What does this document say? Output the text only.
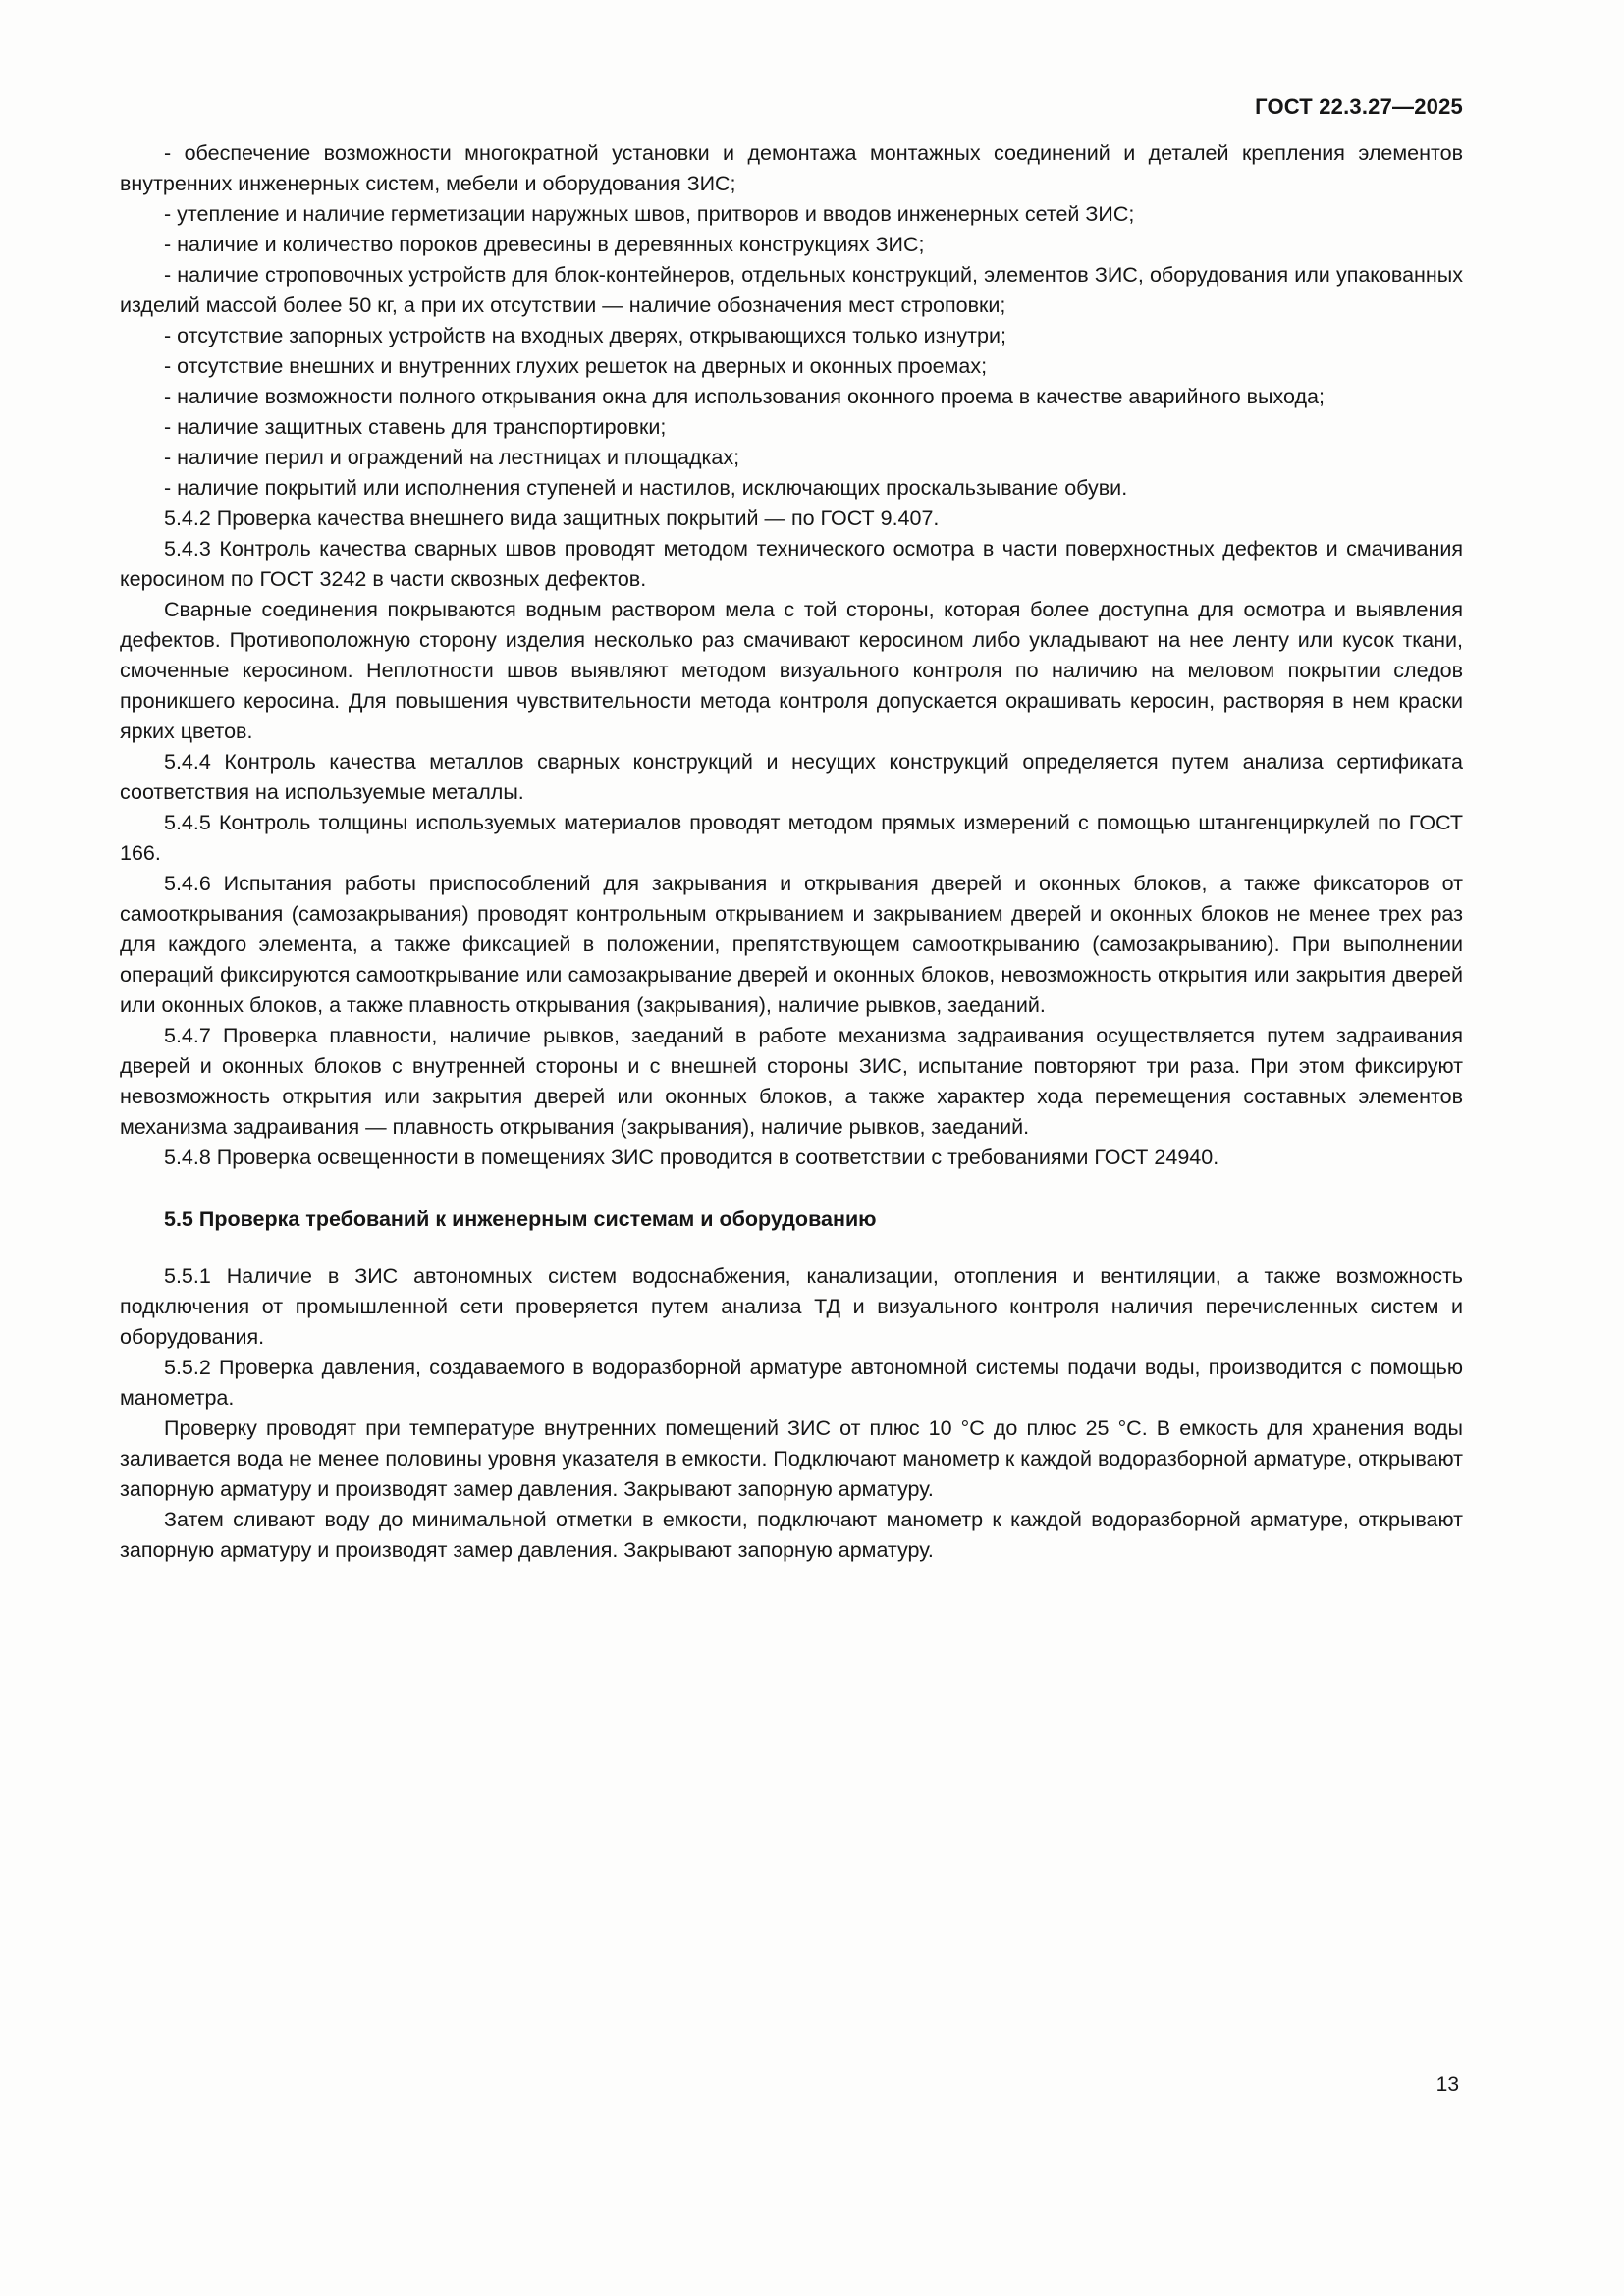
ГОСТ 22.3.27—2025

- обеспечение возможности многократной установки и демонтажа монтажных соединений и деталей крепления элементов внутренних инженерных систем, мебели и оборудования ЗИС;

- утепление и наличие герметизации наружных швов, притворов и вводов инженерных сетей ЗИС;

- наличие и количество пороков древесины в деревянных конструкциях ЗИС;

- наличие строповочных устройств для блок-контейнеров, отдельных конструкций, элементов ЗИС, оборудования или упакованных изделий массой более 50 кг, а при их отсутствии — наличие обозначения мест строповки;

- отсутствие запорных устройств на входных дверях, открывающихся только изнутри;

- отсутствие внешних и внутренних глухих решеток на дверных и оконных проемах;

- наличие возможности полного открывания окна для использования оконного проема в качестве аварийного выхода;

- наличие защитных ставень для транспортировки;

- наличие перил и ограждений на лестницах и площадках;

- наличие покрытий или исполнения ступеней и настилов, исключающих проскальзывание обуви.

5.4.2 Проверка качества внешнего вида защитных покрытий — по ГОСТ 9.407.

5.4.3 Контроль качества сварных швов проводят методом технического осмотра в части поверхностных дефектов и смачивания керосином по ГОСТ 3242 в части сквозных дефектов.

Сварные соединения покрываются водным раствором мела с той стороны, которая более доступна для осмотра и выявления дефектов. Противоположную сторону изделия несколько раз смачивают керосином либо укладывают на нее ленту или кусок ткани, смоченные керосином. Неплотности швов выявляют методом визуального контроля по наличию на меловом покрытии следов проникшего керосина. Для повышения чувствительности метода контроля допускается окрашивать керосин, растворяя в нем краски ярких цветов.

5.4.4 Контроль качества металлов сварных конструкций и несущих конструкций определяется путем анализа сертификата соответствия на используемые металлы.

5.4.5 Контроль толщины используемых материалов проводят методом прямых измерений с помощью штангенциркулей по ГОСТ 166.

5.4.6 Испытания работы приспособлений для закрывания и открывания дверей и оконных блоков, а также фиксаторов от самооткрывания (самозакрывания) проводят контрольным открыванием и закрыванием дверей и оконных блоков не менее трех раз для каждого элемента, а также фиксацией в положении, препятствующем самооткрыванию (самозакрыванию). При выполнении операций фиксируются самооткрывание или самозакрывание дверей и оконных блоков, невозможность открытия или закрытия дверей или оконных блоков, а также плавность открывания (закрывания), наличие рывков, заеданий.

5.4.7 Проверка плавности, наличие рывков, заеданий в работе механизма задраивания осуществляется путем задраивания дверей и оконных блоков с внутренней стороны и с внешней стороны ЗИС, испытание повторяют три раза. При этом фиксируют невозможность открытия или закрытия дверей или оконных блоков, а также характер хода перемещения составных элементов механизма задраивания — плавность открывания (закрывания), наличие рывков, заеданий.

5.4.8 Проверка освещенности в помещениях ЗИС проводится в соответствии с требованиями ГОСТ 24940.

5.5 Проверка требований к инженерным системам и оборудованию

5.5.1 Наличие в ЗИС автономных систем водоснабжения, канализации, отопления и вентиляции, а также возможность подключения от промышленной сети проверяется путем анализа ТД и визуального контроля наличия перечисленных систем и оборудования.

5.5.2 Проверка давления, создаваемого в водоразборной арматуре автономной системы подачи воды, производится с помощью манометра.

Проверку проводят при температуре внутренних помещений ЗИС от плюс 10 °С до плюс 25 °С. В емкость для хранения воды заливается вода не менее половины уровня указателя в емкости. Подключают манометр к каждой водоразборной арматуре, открывают запорную арматуру и производят замер давления. Закрывают запорную арматуру.

Затем сливают воду до минимальной отметки в емкости, подключают манометр к каждой водоразборной арматуре, открывают запорную арматуру и производят замер давления. Закрывают запорную арматуру.

13
